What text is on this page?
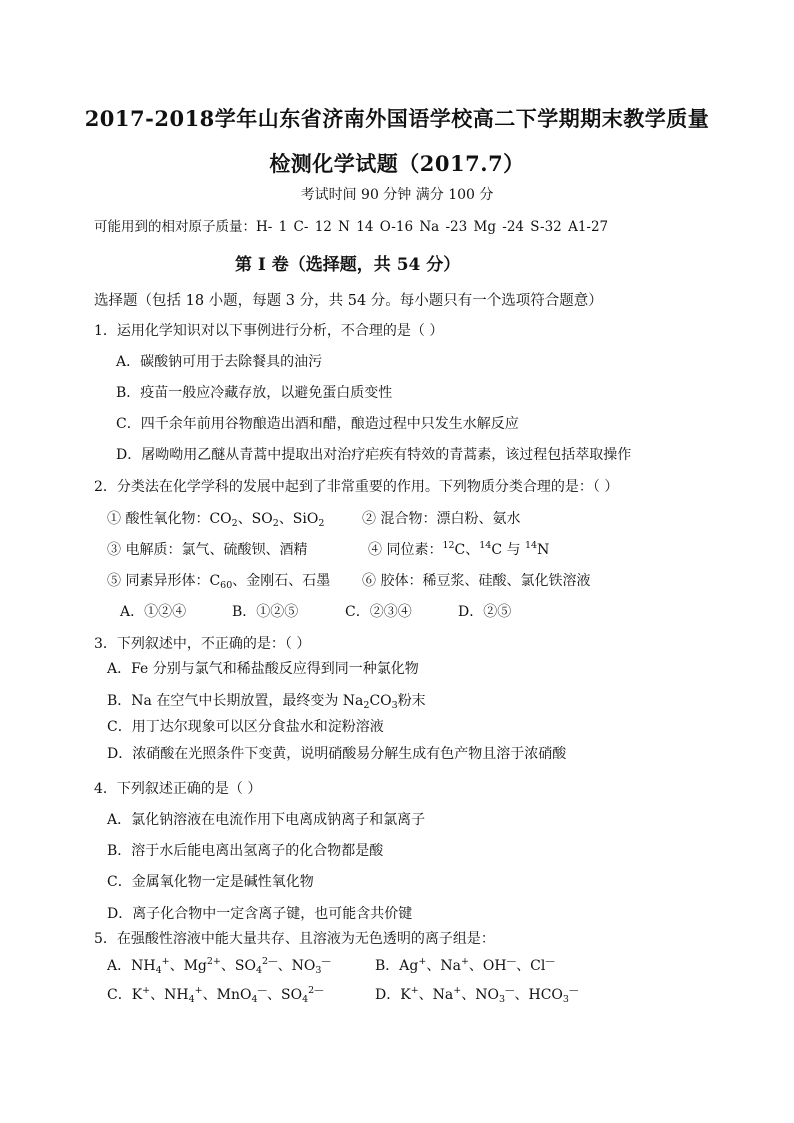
2017-2018学年山东省济南外国语学校高二下学期期末教学质量
检测化学试题（2017.7）
考试时间 90 分钟 满分 100 分
可能用到的相对原子质量：H- 1 C- 12 N 14 O-16 Na -23 Mg -24 S-32 A1-27
第 I 卷（选择题，共 54 分）
选择题（包括 18 小题，每题 3 分，共 54 分。每小题只有一个选项符合题意）
1．运用化学知识对以下事例进行分析，不合理的是（ ）
A．碳酸钠可用于去除餐具的油污
B．疫苗一般应冷藏存放，以避免蛋白质变性
C．四千余年前用谷物酿造出酒和醋，酿造过程中只发生水解反应
D．屠呦呦用乙醚从青蒿中提取出对治疗疟疾有特效的青蒿素，该过程包括萃取操作
2．分类法在化学学科的发展中起到了非常重要的作用。下列物质分类合理的是：（ ）
① 酸性氧化物：$CO_2$、$SO_2$、SiO$_2$	② 混合物：漂白粉、氨水
③ 电解质：氯气、硫酸钡、酒精	④ 同位素：$^{12}$C、$^{14}$C 与 $^{14}$N
⑤ 同素异形体：$C_{60}$、金刚石、石墨 ⑥ 胶体：稀豆浆、硅酸、氯化铁溶液
A．①②④	B．①②⑤	C．②③④	D．②⑤
3．下列叙述中，不正确的是：（ ）
A．Fe 分别与氯气和稀盐酸反应得到同一种氯化物
B．Na 在空气中长期放置，最终变为 $Na_2CO_3$粉末
C．用丁达尔现象可以区分食盐水和淀粉溶液
D．浓硝酸在光照条件下变黄，说明硝酸易分解生成有色产物且溶于浓硝酸
4．下列叙述正确的是（ ）
A．氯化钠溶液在电流作用下电离成钠离子和氯离子
B．溶于水后能电离出氢离子的化合物都是酸
C．金属氧化物一定是碱性氧化物
D．离子化合物中一定含离子键，也可能含共价键
5．在强酸性溶液中能大量共存、且溶液为无色透明的离子组是：
A．$NH_4^+$、$Mg^{2+}$、$SO_4^{2—}$、$NO_3^—$	B．Ag+、Na+、OH—、Cl—
C．K+、$NH_4^+$、MnO$_4$—、$SO_4^{2—}$	D．K+、Na+、$NO_3^—$、$HCO_3^—$
